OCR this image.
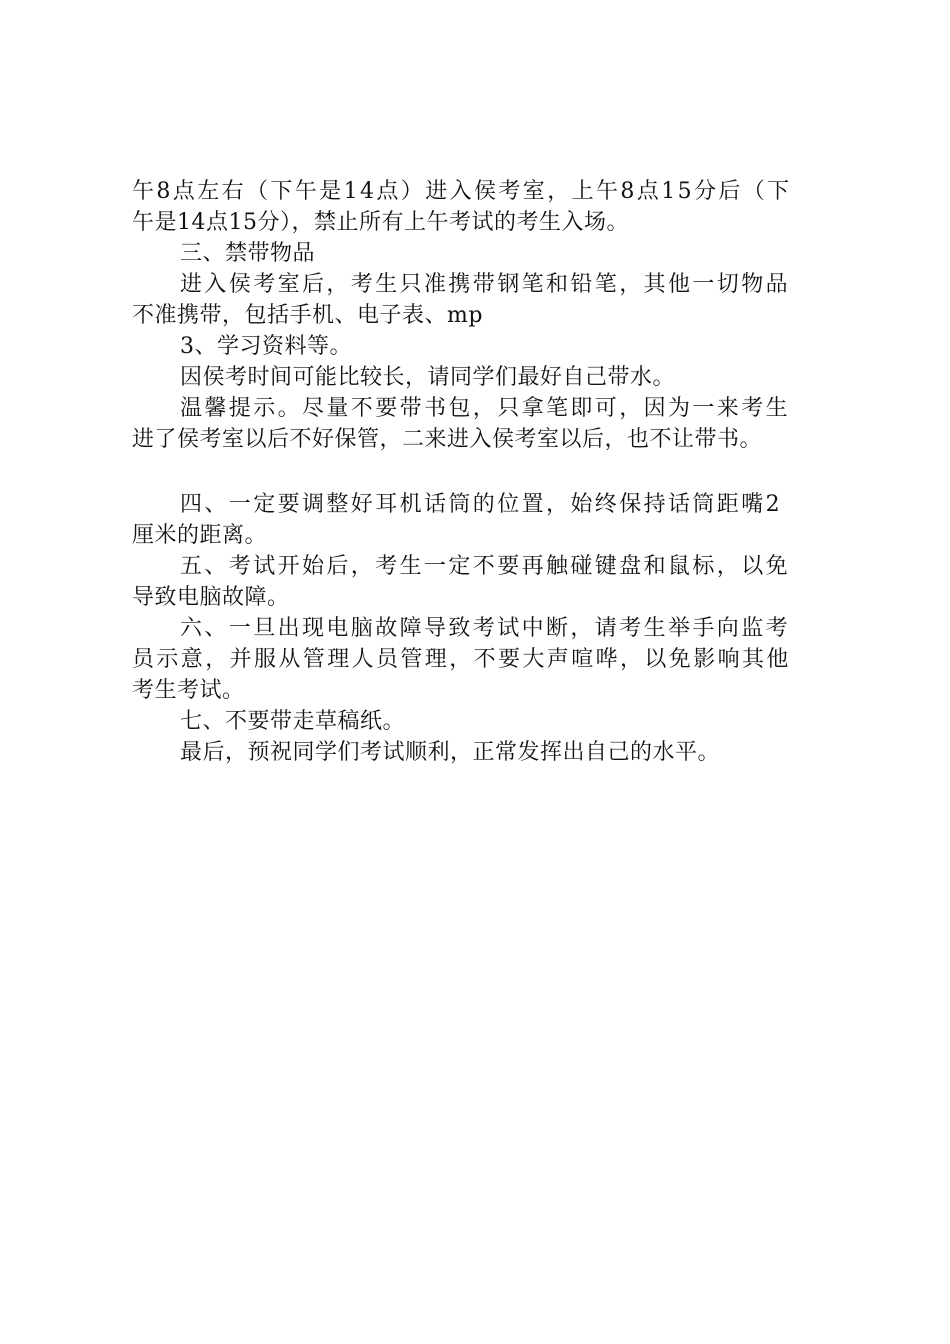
午8点左右（下午是14点）进入侯考室，上午8点15分后（下
午是14点15分），禁止所有上午考试的考生入场。
三、禁带物品
进入侯考室后，考生只准携带钢笔和铅笔，其他一切物品
不准携带，包括手机、电子表、mp
3、学习资料等。
因侯考时间可能比较长，请同学们最好自己带水。
温馨提示。尽量不要带书包，只拿笔即可，因为一来考生
进了侯考室以后不好保管，二来进入侯考室以后，也不让带书。
四、一定要调整好耳机话筒的位置，始终保持话筒距嘴2
厘米的距离。
五、考试开始后，考生一定不要再触碰键盘和鼠标，以免
导致电脑故障。
六、一旦出现电脑故障导致考试中断，请考生举手向监考
员示意，并服从管理人员管理，不要大声喧哗，以免影响其他
考生考试。
七、不要带走草稿纸。
最后，预祝同学们考试顺利，正常发挥出自己的水平。
